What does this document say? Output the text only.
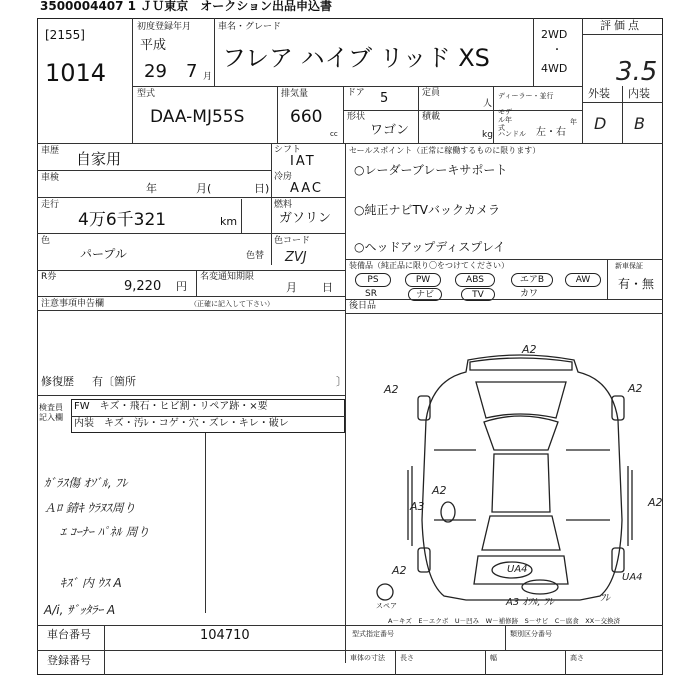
3500004407 1 ＪＵ東京　オークション出品申込書
[2155]
1014
初度登録年月
平成
29 7 月
車名・グレード
フレア ハイブ リッド XS
2WD
・
4WD
評価点
3.5
外装 内装
D B
型式
DAA-MJ55S
排気量
660
cc
ドア 5	定員
人
形状
ワゴン
積載
kg
ディーラー・並行
モデル年式
年
ハンドル 左・右
車歴 自家用
車検
年	月(	日)
走行
4万6千321	km
色
パープル	色替
シフト
IAT
冷房
AAC
燃料
ガソリン
色コード
ZVJ
R券
9,220 円
名変通知期限
月 日
注意事項申告欄	（正確に記入して下さい）
修復歴 有〔箇所	〕
検査員記入欄
FW　キズ・飛石・ヒビ割・リペア跡・×要
内装　キズ・汚ﾚ・コゲ・穴・ズレ・キレ・破レ
ｶﾞﾗｽ傷 ｵｿﾞﾙ, ﾌﾚ
Ａﾛ 錆ｷ ｳﾗﾇｽ周り
ｴ ｺｰﾅｰ ﾊﾟﾈﾙ 周り
ｷｽﾞ 内 ｳｽ A
A/i, ｻﾞｯﾀﾗｰ A
セールスポイント（正常に稼働するものに限ります）
○レーダーブレーキサポート
○純正ナビTVバックカメラ
○ヘッドアップディスプレイ
装備品（純正品に限り〇をつけてください）	新車保証
有・無
PS	PW	ABS	エアB	AW
SR	ナビ	TV	カワ
後日品
A2
A2	A2
A2
A2
A2
A3
UA4
UA4
A3 ｵﾂﾙ, ﾌﾚ	ﾌﾚ
スペア
A－キズ　E－エクボ　U－凹み　W－補修跡　S－サビ　C－腐食　XX－交換済
車台番号	104710
登録番号
型式指定番号	類別区分番号
車体の寸法	長さ	幅	高さ
